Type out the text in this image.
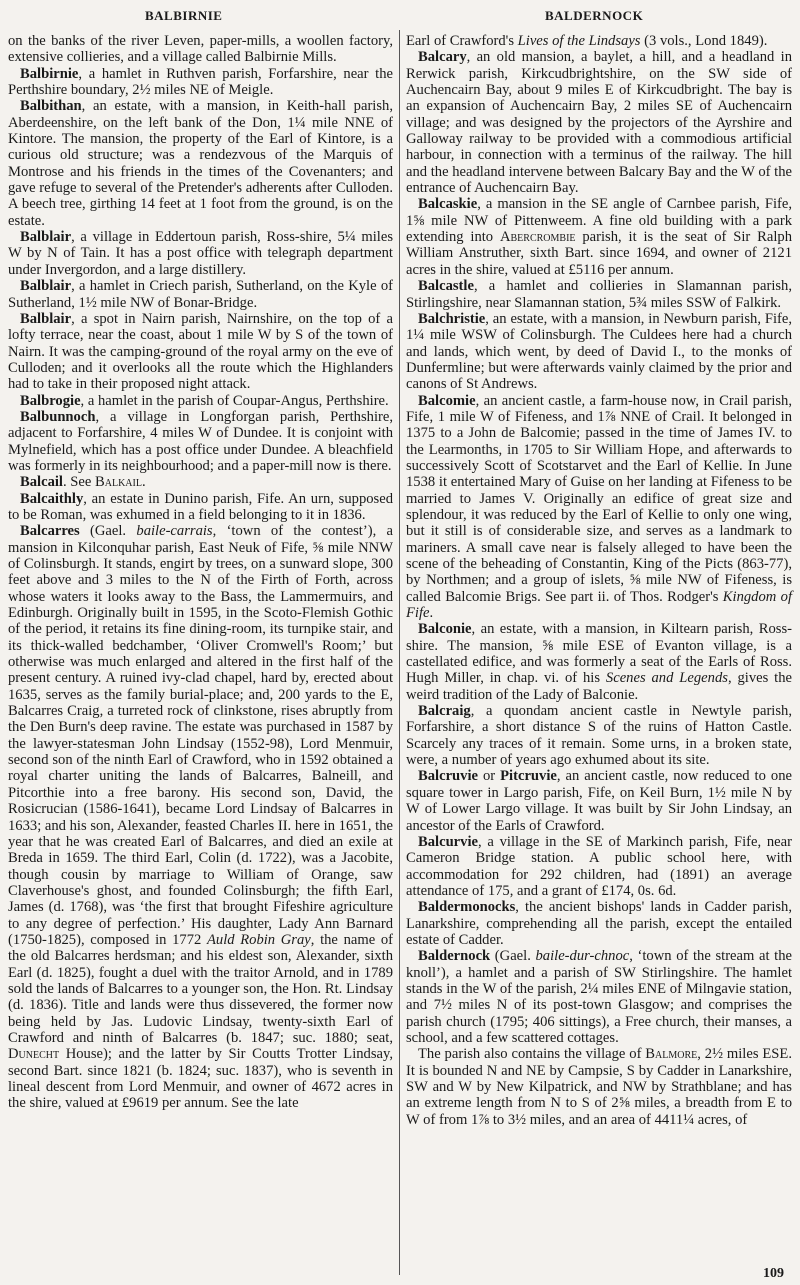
BALBIRNIE	BALDERNOCK

on the banks of the river Leven, paper-mills, a woollen factory, extensive collieries, and a village called Balbirnie Mills.

Balbirnie, a hamlet in Ruthven parish, Forfarshire, near the Perthshire boundary, 2½ miles NE of Meigle.

Balbithan, an estate, with a mansion, in Keith-hall parish, Aberdeenshire, on the left bank of the Don, 1¼ mile NNE of Kintore. The mansion, the property of the Earl of Kintore, is a curious old structure; was a rendezvous of the Marquis of Montrose and his friends in the times of the Covenanters; and gave refuge to several of the Pretender's adherents after Culloden. A beech tree, girthing 14 feet at 1 foot from the ground, is on the estate.

Balblair, a village in Eddertoun parish, Ross-shire, 5¼ miles W by N of Tain. It has a post office with telegraph department under Invergordon, and a large distillery.

Balblair, a hamlet in Criech parish, Sutherland, on the Kyle of Sutherland, 1½ mile NW of Bonar-Bridge.

Balblair, a spot in Nairn parish, Nairnshire, on the top of a lofty terrace, near the coast, about 1 mile W by S of the town of Nairn. It was the camping-ground of the royal army on the eve of Culloden; and it overlooks all the route which the Highlanders had to take in their proposed night attack.

Balbrogie, a hamlet in the parish of Coupar-Angus, Perthshire.

Balbunnoch, a village in Longforgan parish, Perthshire, adjacent to Forfarshire, 4 miles W of Dundee. It is conjoint with Mylnefield, which has a post office under Dundee. A bleachfield was formerly in its neighbourhood; and a paper-mill now is there.

Balcail. See Balkail.

Balcaithly, an estate in Dunino parish, Fife. An urn, supposed to be Roman, was exhumed in a field belonging to it in 1836.

Balcarres (Gael. baile-carrais, ‘town of the contest’), a mansion in Kilconquhar parish, East Neuk of Fife, ⅝ mile NNW of Colinsburgh. It stands, engirt by trees, on a sunward slope, 300 feet above and 3 miles to the N of the Firth of Forth, across whose waters it looks away to the Bass, the Lammermuirs, and Edinburgh. Originally built in 1595, in the Scoto-Flemish Gothic of the period, it retains its fine dining-room, its turnpike stair, and its thick-walled bedchamber, ‘Oliver Cromwell's Room;’ but otherwise was much enlarged and altered in the first half of the present century. A ruined ivy-clad chapel, hard by, erected about 1635, serves as the family burial-place; and, 200 yards to the E, Balcarres Craig, a turreted rock of clinkstone, rises abruptly from the Den Burn's deep ravine. The estate was purchased in 1587 by the lawyer-statesman John Lindsay (1552-98), Lord Menmuir, second son of the ninth Earl of Crawford, who in 1592 obtained a royal charter uniting the lands of Balcarres, Balneill, and Pitcorthie into a free barony. His second son, David, the Rosicrucian (1586-1641), became Lord Lindsay of Balcarres in 1633; and his son, Alexander, feasted Charles II. here in 1651, the year that he was created Earl of Balcarres, and died an exile at Breda in 1659. The third Earl, Colin (d. 1722), was a Jacobite, though cousin by marriage to William of Orange, saw Claverhouse's ghost, and founded Colinsburgh; the fifth Earl, James (d. 1768), was ‘the first that brought Fifeshire agriculture to any degree of perfection.’ His daughter, Lady Ann Barnard (1750-1825), composed in 1772 Auld Robin Gray, the name of the old Balcarres herdsman; and his eldest son, Alexander, sixth Earl (d. 1825), fought a duel with the traitor Arnold, and in 1789 sold the lands of Balcarres to a younger son, the Hon. Rt. Lindsay (d. 1836). Title and lands were thus dissevered, the former now being held by Jas. Ludovic Lindsay, twenty-sixth Earl of Crawford and ninth of Balcarres (b. 1847; suc. 1880; seat, Dunecht House); and the latter by Sir Coutts Trotter Lindsay, second Bart. since 1821 (b. 1824; suc. 1837), who is seventh in lineal descent from Lord Menmuir, and owner of 4672 acres in the shire, valued at £9619 per annum. See the late

Earl of Crawford's Lives of the Lindsays (3 vols., Lond 1849).

Balcary, an old mansion, a baylet, a hill, and a headland in Rerwick parish, Kirkcudbrightshire, on the SW side of Auchencairn Bay, about 9 miles E of Kirkcudbright. The bay is an expansion of Auchencairn Bay, 2 miles SE of Auchencairn village; and was designed by the projectors of the Ayrshire and Galloway railway to be provided with a commodious artificial harbour, in connection with a terminus of the railway. The hill and the headland intervene between Balcary Bay and the W of the entrance of Auchencairn Bay.

Balcaskie, a mansion in the SE angle of Carnbee parish, Fife, 1⅝ mile NW of Pittenweem. A fine old building with a park extending into Abercrombie parish, it is the seat of Sir Ralph William Anstruther, sixth Bart. since 1694, and owner of 2121 acres in the shire, valued at £5116 per annum.

Balcastle, a hamlet and collieries in Slamannan parish, Stirlingshire, near Slamannan station, 5¾ miles SSW of Falkirk.

Balchristie, an estate, with a mansion, in Newburn parish, Fife, 1¼ mile WSW of Colinsburgh. The Culdees here had a church and lands, which went, by deed of David I., to the monks of Dunfermline; but were afterwards vainly claimed by the prior and canons of St Andrews.

Balcomie, an ancient castle, a farm-house now, in Crail parish, Fife, 1 mile W of Fifeness, and 1⅞ NNE of Crail. It belonged in 1375 to a John de Balcomie; passed in the time of James IV. to the Learmonths, in 1705 to Sir William Hope, and afterwards to successively Scott of Scotstarvet and the Earl of Kellie. In June 1538 it entertained Mary of Guise on her landing at Fifeness to be married to James V. Originally an edifice of great size and splendour, it was reduced by the Earl of Kellie to only one wing, but it still is of considerable size, and serves as a landmark to mariners. A small cave near is falsely alleged to have been the scene of the beheading of Constantin, King of the Picts (863-77), by Northmen; and a group of islets, ⅝ mile NW of Fifeness, is called Balcomie Brigs. See part ii. of Thos. Rodger's Kingdom of Fife.

Balconie, an estate, with a mansion, in Kiltearn parish, Ross-shire. The mansion, ⅝ mile ESE of Evanton village, is a castellated edifice, and was formerly a seat of the Earls of Ross. Hugh Miller, in chap. vi. of his Scenes and Legends, gives the weird tradition of the Lady of Balconie.

Balcraig, a quondam ancient castle in Newtyle parish, Forfarshire, a short distance S of the ruins of Hatton Castle. Scarcely any traces of it remain. Some urns, in a broken state, were, a number of years ago exhumed about its site.

Balcruvie or Pitcruvie, an ancient castle, now reduced to one square tower in Largo parish, Fife, on Keil Burn, 1½ mile N by W of Lower Largo village. It was built by Sir John Lindsay, an ancestor of the Earls of Crawford.

Balcurvie, a village in the SE of Markinch parish, Fife, near Cameron Bridge station. A public school here, with accommodation for 292 children, had (1891) an average attendance of 175, and a grant of £174, 0s. 6d.

Baldermonocks, the ancient bishops' lands in Cadder parish, Lanarkshire, comprehending all the parish, except the entailed estate of Cadder.

Baldernock (Gael. baile-dur-chnoc, ‘town of the stream at the knoll’), a hamlet and a parish of SW Stirlingshire. The hamlet stands in the W of the parish, 2¼ miles ENE of Milngavie station, and 7½ miles N of its post-town Glasgow; and comprises the parish church (1795; 406 sittings), a Free church, their manses, a school, and a few scattered cottages.

The parish also contains the village of Balmore, 2½ miles ESE. It is bounded N and NE by Campsie, S by Cadder in Lanarkshire, SW and W by New Kilpatrick, and NW by Strathblane; and has an extreme length from N to S of 2⅝ miles, a breadth from E to W of from 1⅞ to 3½ miles, and an area of 4411¼ acres, of

109
